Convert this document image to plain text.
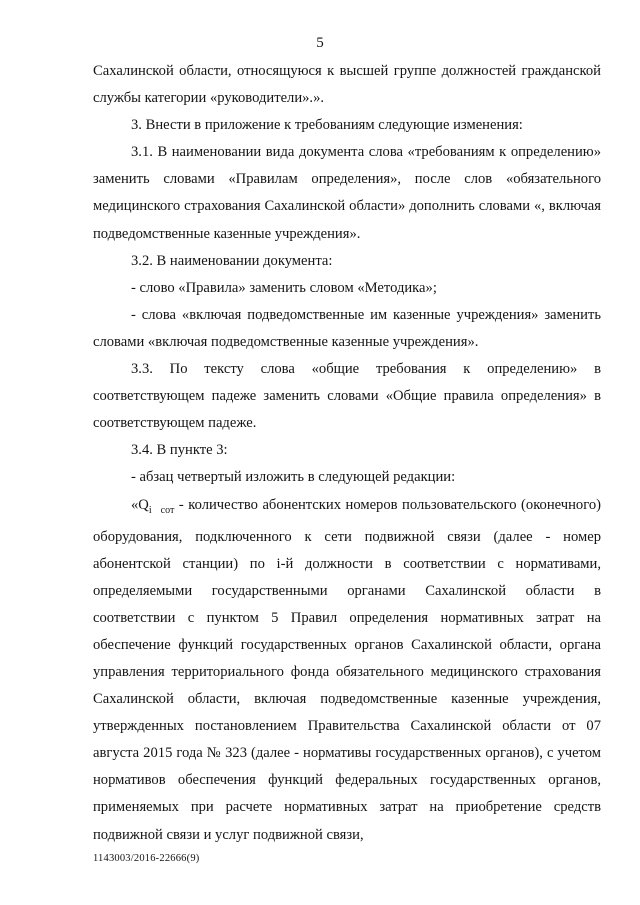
5

Сахалинской области, относящуюся к высшей группе должностей гражданской службы категории «руководители».».

3. Внести в приложение к требованиям следующие изменения:

3.1. В наименовании вида документа слова «требованиям к определению» заменить словами «Правилам определения», после слов «обязательного медицинского страхования Сахалинской области» дополнить словами «, включая подведомственные казенные учреждения».

3.2. В наименовании документа:

- слово «Правила» заменить словом «Методика»;

- слова «включая подведомственные им казенные учреждения» заменить словами «включая подведомственные казенные учреждения».

3.3. По тексту слова «общие требования к определению» в соответствующем падеже заменить словами «Общие правила определения» в соответствующем падеже.

3.4. В пункте 3:

- абзац четвертый изложить в следующей редакции:

«$Q_i$ $_{сот}$ - количество абонентских номеров пользовательского (оконечного) оборудования, подключенного к сети подвижной связи (далее - номер абонентской станции) по i-й должности в соответствии с нормативами, определяемыми государственными органами Сахалинской области в соответствии с пунктом 5 Правил определения нормативных затрат на обеспечение функций государственных органов Сахалинской области, органа управления территориального фонда обязательного медицинского страхования Сахалинской области, включая подведомственные казенные учреждения, утвержденных постановлением Правительства Сахалинской области от 07 августа 2015 года № 323 (далее - нормативы государственных органов), с учетом нормативов обеспечения функций федеральных государственных органов, применяемых при расчете нормативных затрат на приобретение средств подвижной связи и услуг подвижной связи,

1143003/2016-22666(9)
